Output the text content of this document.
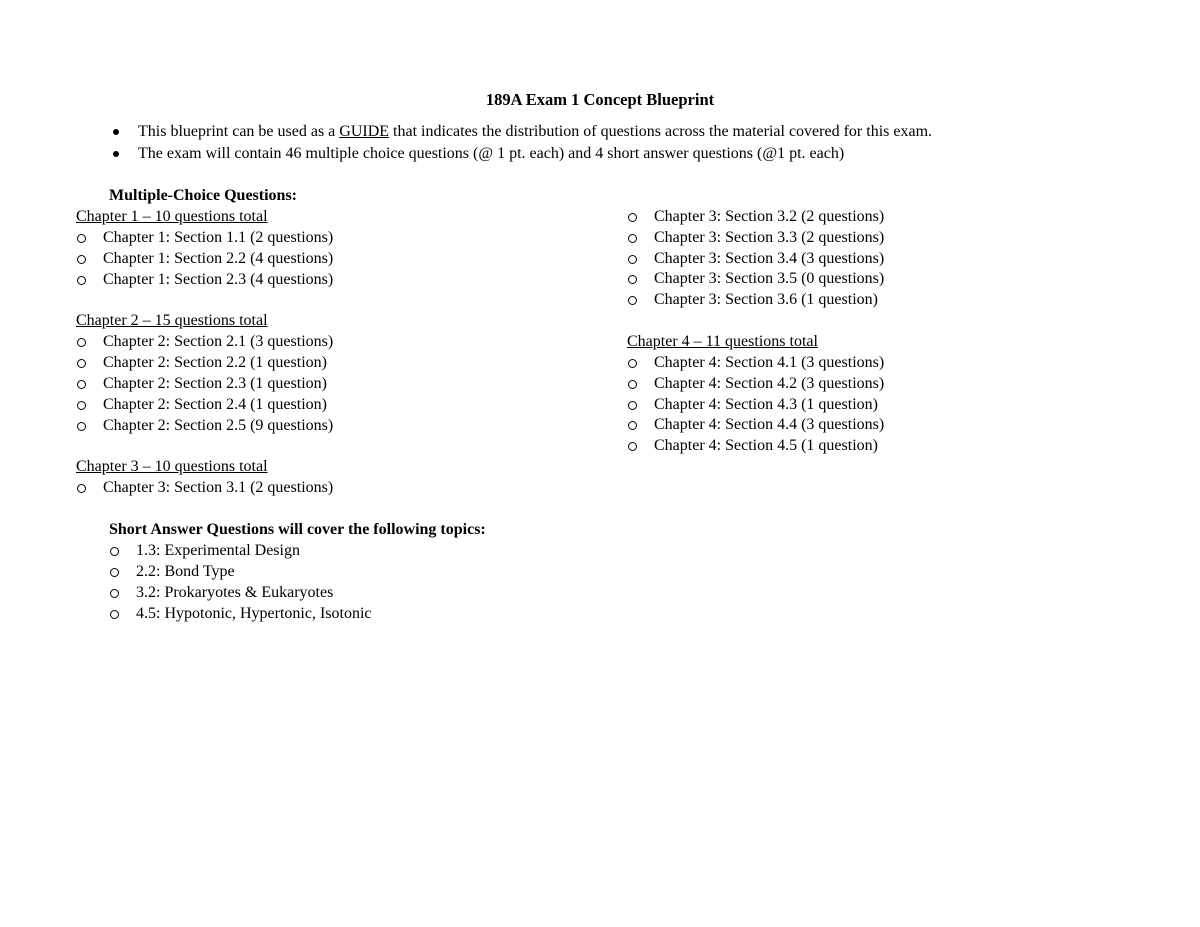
189A Exam 1 Concept Blueprint
This blueprint can be used as a GUIDE that indicates the distribution of questions across the material covered for this exam.
The exam will contain 46 multiple choice questions (@ 1 pt. each) and 4 short answer questions (@1 pt. each)
Multiple-Choice Questions:
Chapter 1 – 10 questions total
Chapter 1: Section 1.1 (2 questions)
Chapter 1: Section 2.2 (4 questions)
Chapter 1: Section 2.3 (4 questions)
Chapter 2 – 15 questions total
Chapter 2: Section 2.1 (3 questions)
Chapter 2: Section 2.2 (1 question)
Chapter 2: Section 2.3 (1 question)
Chapter 2: Section 2.4 (1 question)
Chapter 2: Section 2.5 (9 questions)
Chapter 3 – 10 questions total
Chapter 3: Section 3.1 (2 questions)
Short Answer Questions will cover the following topics:
1.3: Experimental Design
2.2: Bond Type
3.2: Prokaryotes & Eukaryotes
4.5: Hypotonic, Hypertonic, Isotonic
Chapter 3: Section 3.2 (2 questions)
Chapter 3: Section 3.3 (2 questions)
Chapter 3: Section 3.4 (3 questions)
Chapter 3: Section 3.5 (0 questions)
Chapter 3: Section 3.6 (1 question)
Chapter 4 – 11 questions total
Chapter 4: Section 4.1 (3 questions)
Chapter 4: Section 4.2 (3 questions)
Chapter 4: Section 4.3 (1 question)
Chapter 4: Section 4.4 (3 questions)
Chapter 4: Section 4.5 (1 question)
